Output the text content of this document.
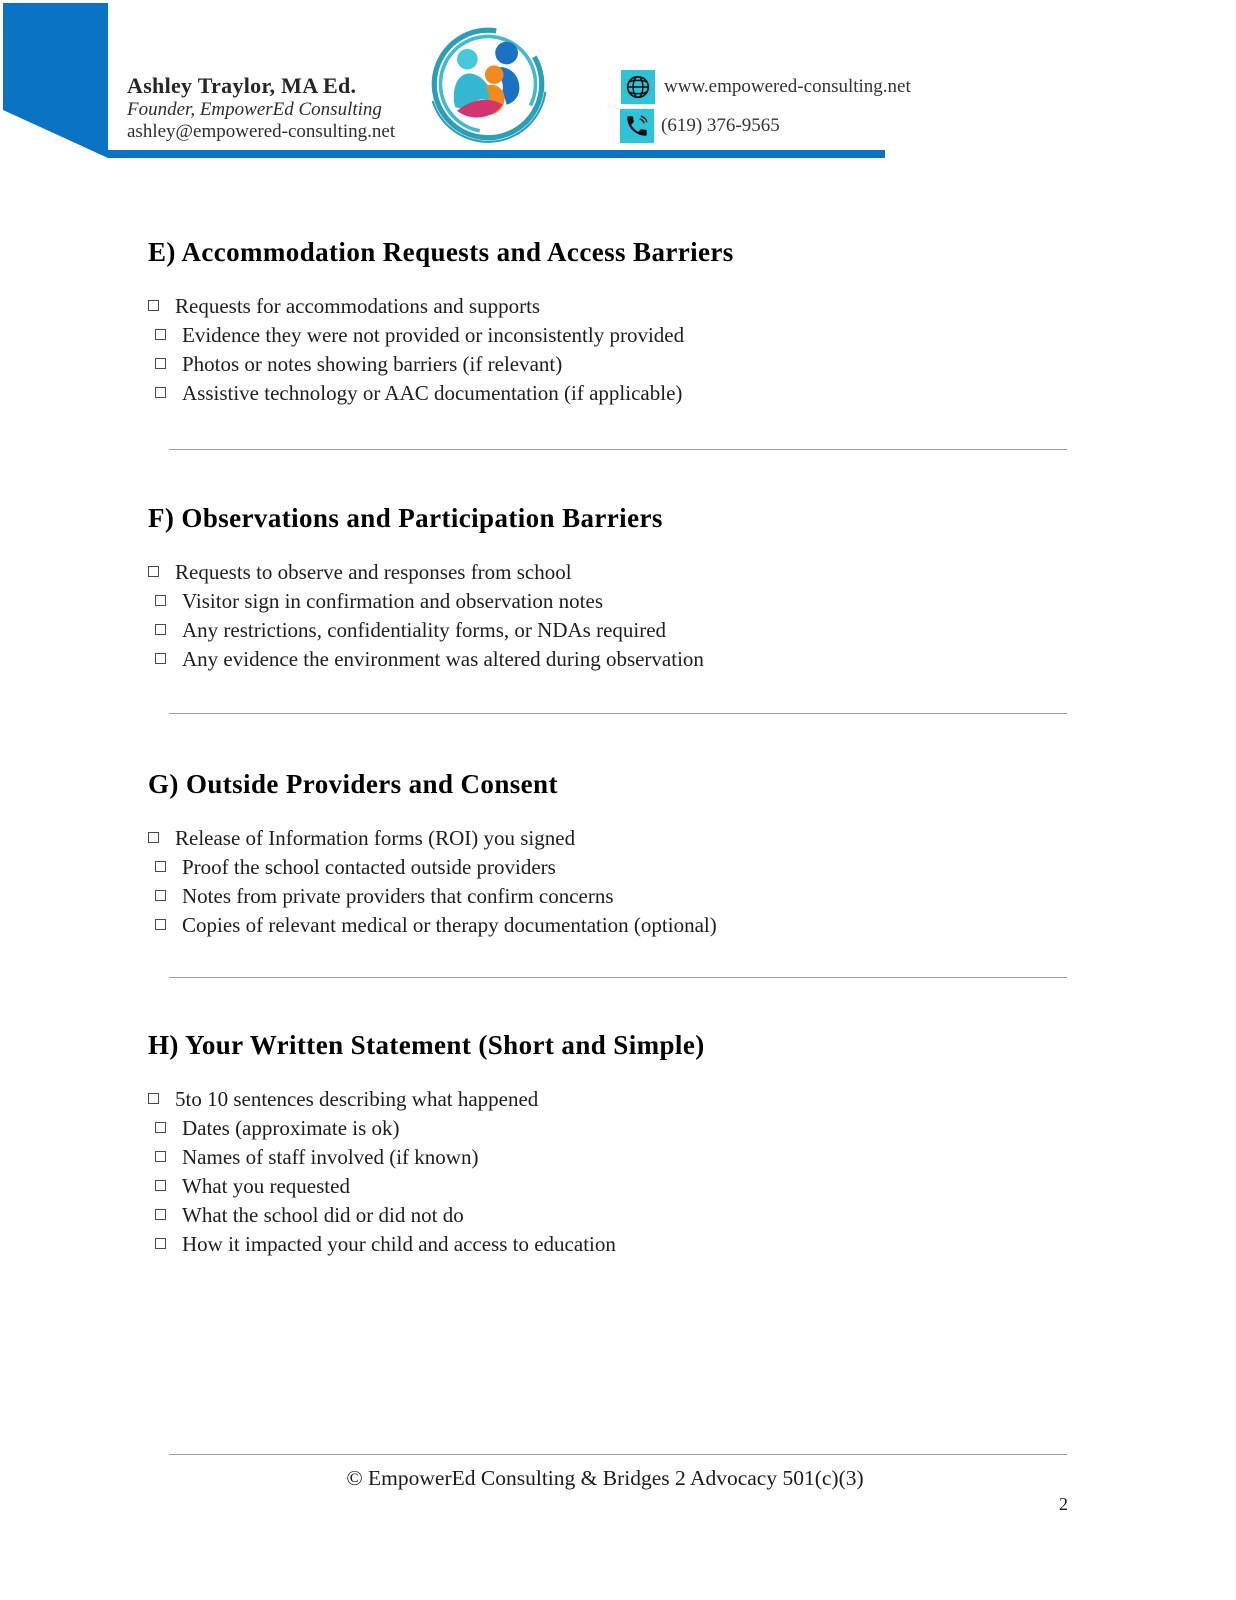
Ashley Traylor, MA Ed.
Founder, EmpowerEd Consulting
ashley@empowered-consulting.net
www.empowered-consulting.net
(619) 376-9565
E) Accommodation Requests and Access Barriers
Requests for accommodations and supports
Evidence they were not provided or inconsistently provided
Photos or notes showing barriers (if relevant)
Assistive technology or AAC documentation (if applicable)
F) Observations and Participation Barriers
Requests to observe and responses from school
Visitor sign in confirmation and observation notes
Any restrictions, confidentiality forms, or NDAs required
Any evidence the environment was altered during observation
G) Outside Providers and Consent
Release of Information forms (ROI) you signed
Proof the school contacted outside providers
Notes from private providers that confirm concerns
Copies of relevant medical or therapy documentation (optional)
H) Your Written Statement (Short and Simple)
5to 10 sentences describing what happened
Dates (approximate is ok)
Names of staff involved (if known)
What you requested
What the school did or did not do
How it impacted your child and access to education
© EmpowerEd Consulting & Bridges 2 Advocacy 501(c)(3)
2
